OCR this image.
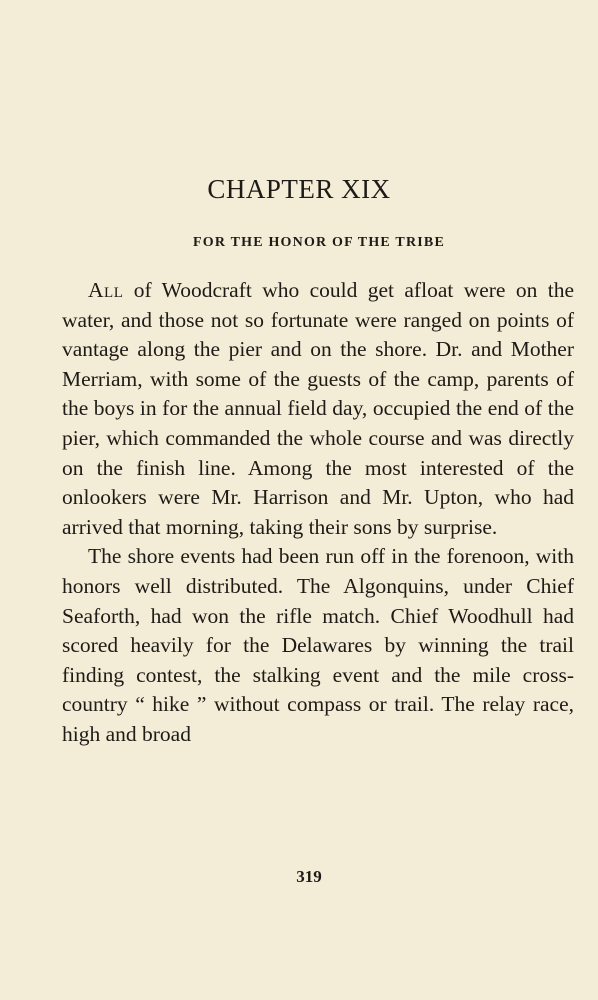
CHAPTER XIX
FOR THE HONOR OF THE TRIBE

All of Woodcraft who could get afloat were on the water, and those not so fortunate were ranged on points of vantage along the pier and on the shore. Dr. and Mother Merriam, with some of the guests of the camp, parents of the boys in for the annual field day, occupied the end of the pier, which commanded the whole course and was directly on the finish line. Among the most interested of the onlookers were Mr. Harrison and Mr. Upton, who had arrived that morning, taking their sons by surprise.

The shore events had been run off in the forenoon, with honors well distributed. The Algonquins, under Chief Seaforth, had won the rifle match. Chief Woodhull had scored heavily for the Delawares by winning the trail finding contest, the stalking event and the mile cross-country “ hike ” without compass or trail. The relay race, high and broad

319
